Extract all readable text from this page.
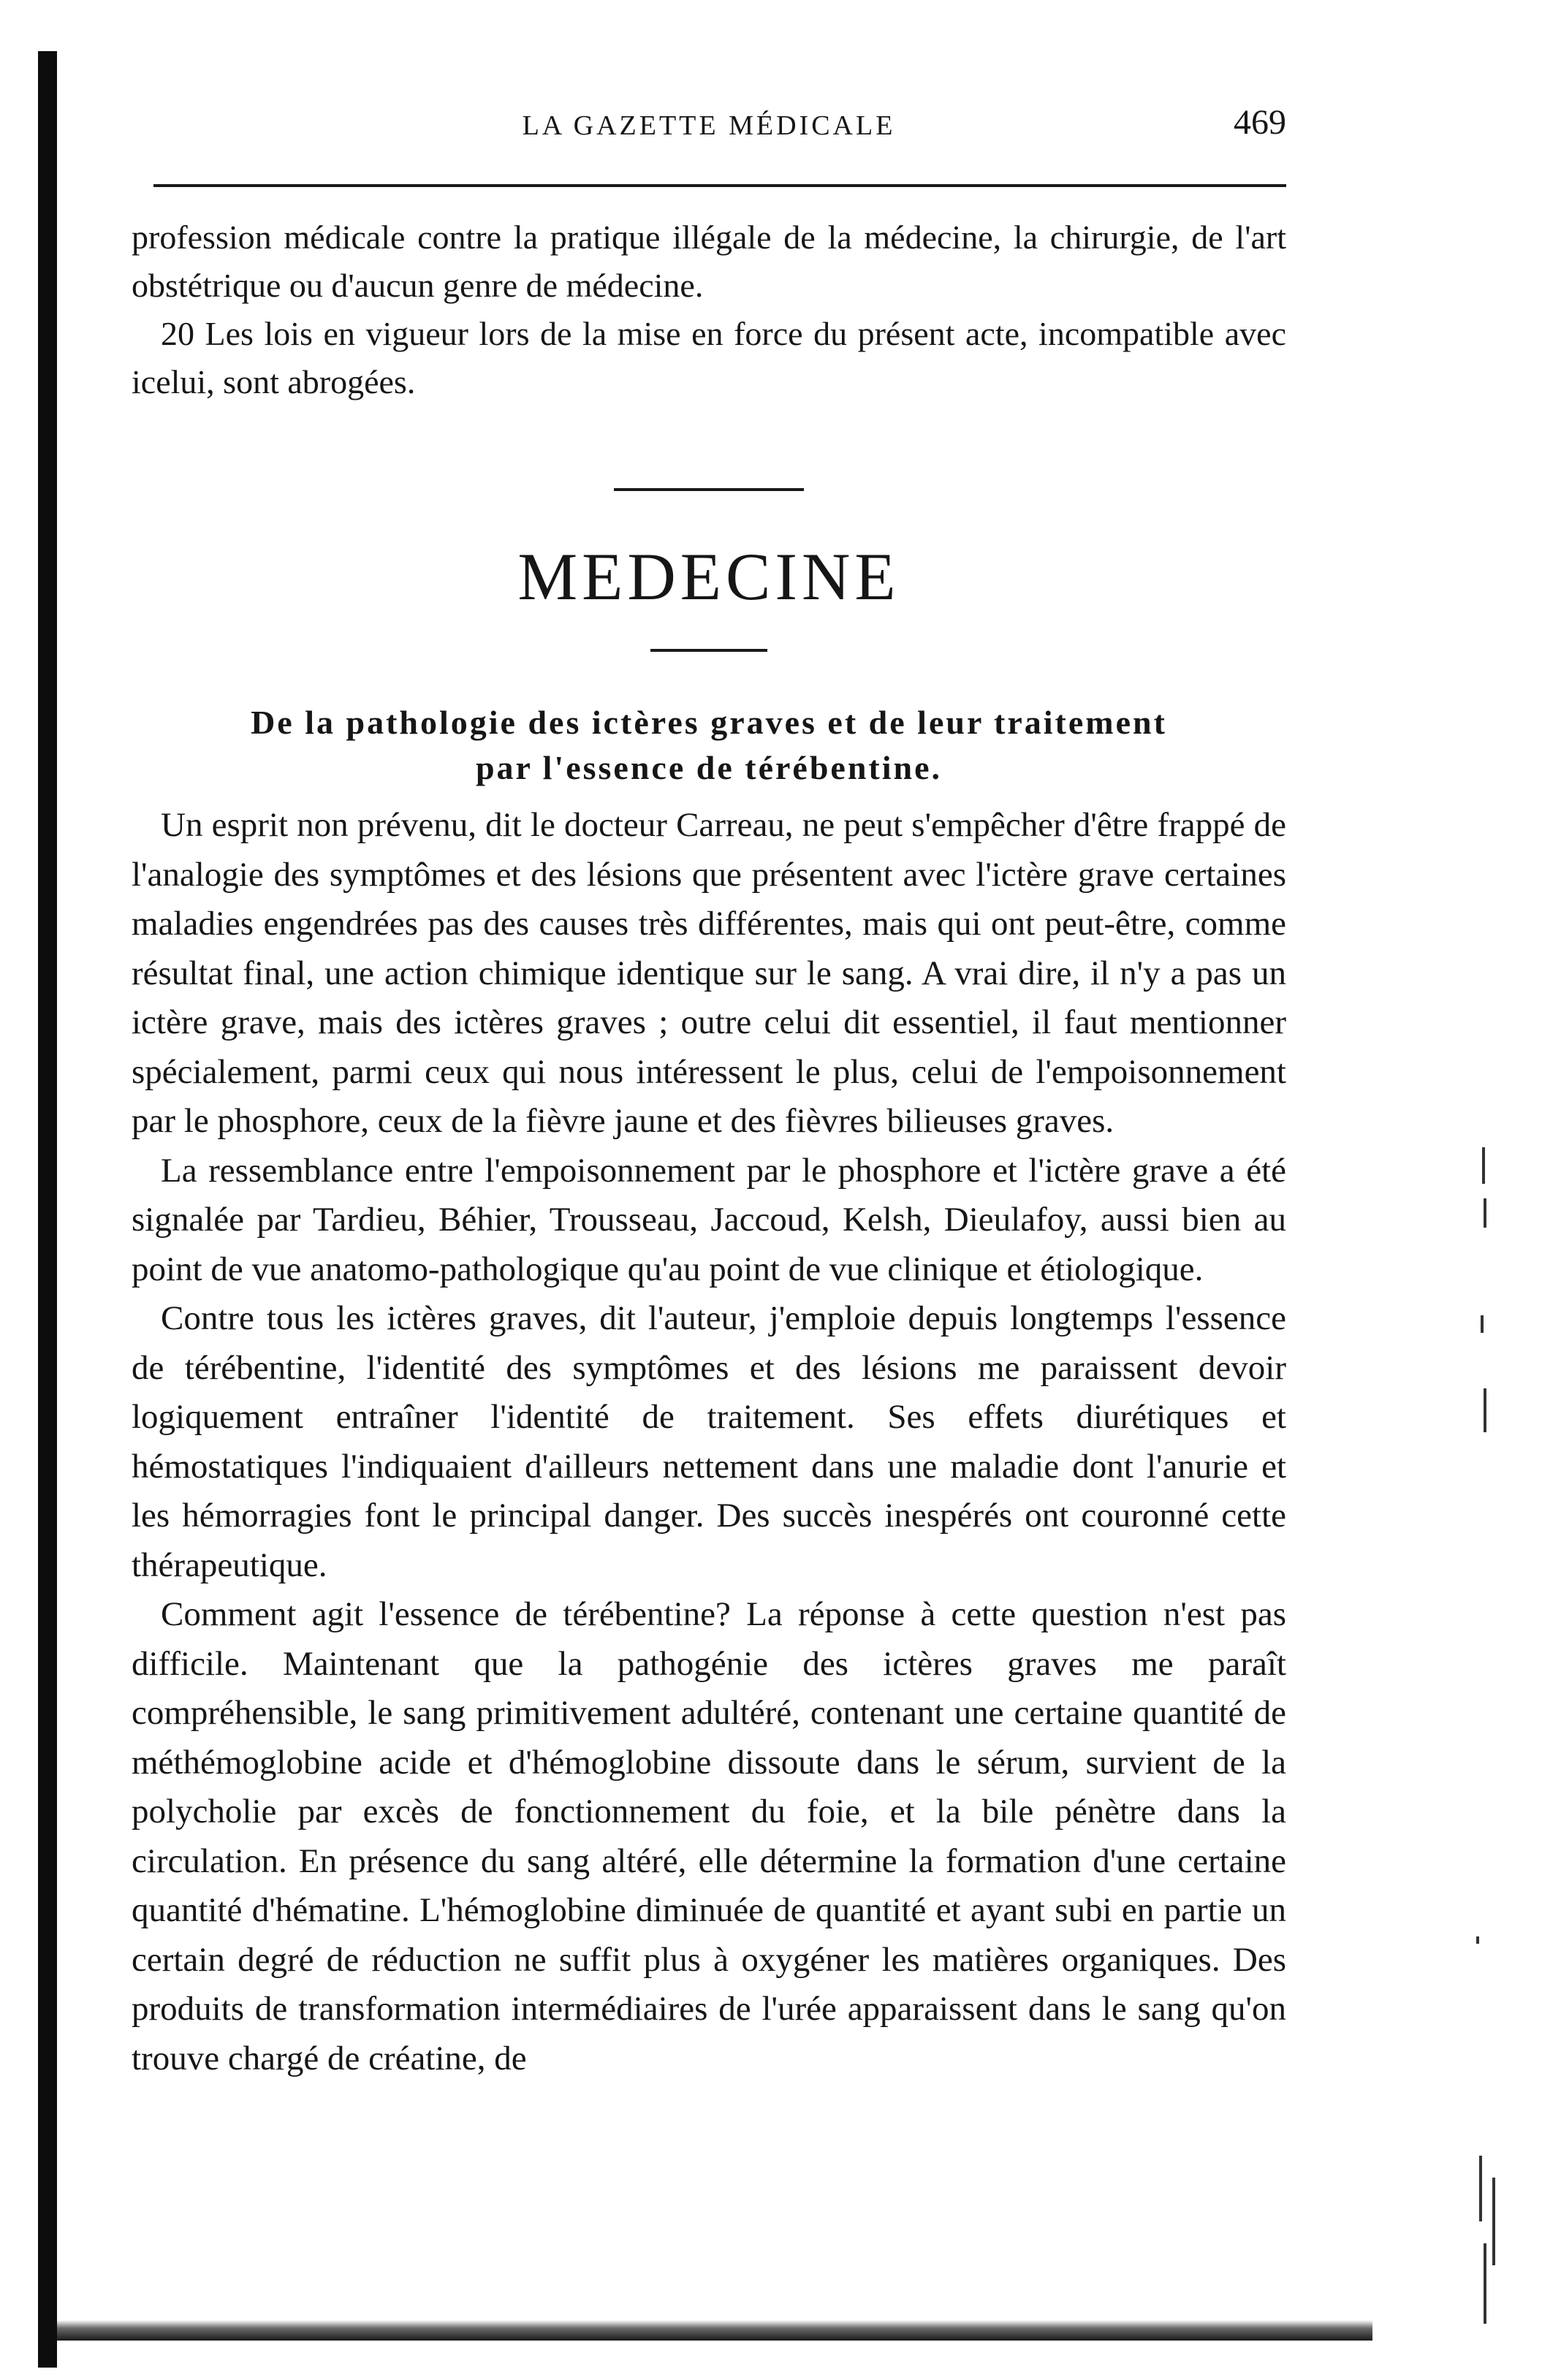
LA GAZETTE MÉDICALE	469

profession médicale contre la pratique illégale de la médecine, la chirurgie, de l'art obstétrique ou d'aucun genre de médecine.

20 Les lois en vigueur lors de la mise en force du présent acte, incompatible avec icelui, sont abrogées.

MEDECINE
De la pathologie des ictères graves et de leur traitement
par l'essence de térébentine.

Un esprit non prévenu, dit le docteur Carreau, ne peut s'empêcher d'être frappé de l'analogie des symptômes et des lésions que présentent avec l'ictère grave certaines maladies engendrées pas des causes très différentes, mais qui ont peut-être, comme résultat final, une action chimique identique sur le sang. A vrai dire, il n'y a pas un ictère grave, mais des ictères graves ; outre celui dit essentiel, il faut mentionner spécialement, parmi ceux qui nous intéressent le plus, celui de l'empoisonnement par le phosphore, ceux de la fièvre jaune et des fièvres bilieuses graves.

La ressemblance entre l'empoisonnement par le phosphore et l'ictère grave a été signalée par Tardieu, Béhier, Trousseau, Jaccoud, Kelsh, Dieulafoy, aussi bien au point de vue anatomo-pathologique qu'au point de vue clinique et étiologique.

Contre tous les ictères graves, dit l'auteur, j'emploie depuis longtemps l'essence de térébentine, l'identité des symptômes et des lésions me paraissent devoir logiquement entraîner l'identité de traitement. Ses effets diurétiques et hémostatiques l'indiquaient d'ailleurs nettement dans une maladie dont l'anurie et les hémorragies font le principal danger. Des succès inespérés ont couronné cette thérapeutique.

Comment agit l'essence de térébentine? La réponse à cette question n'est pas difficile. Maintenant que la pathogénie des ictères graves me paraît compréhensible, le sang primitivement adultéré, contenant une certaine quantité de méthémoglobine acide et d'hémoglobine dissoute dans le sérum, survient de la polycholie par excès de fonctionnement du foie, et la bile pénètre dans la circulation. En présence du sang altéré, elle détermine la formation d'une certaine quantité d'hématine. L'hémoglobine diminuée de quantité et ayant subi en partie un certain degré de réduction ne suffit plus à oxygéner les matières organiques. Des produits de transformation intermédiaires de l'urée apparaissent dans le sang qu'on trouve chargé de créatine, de
